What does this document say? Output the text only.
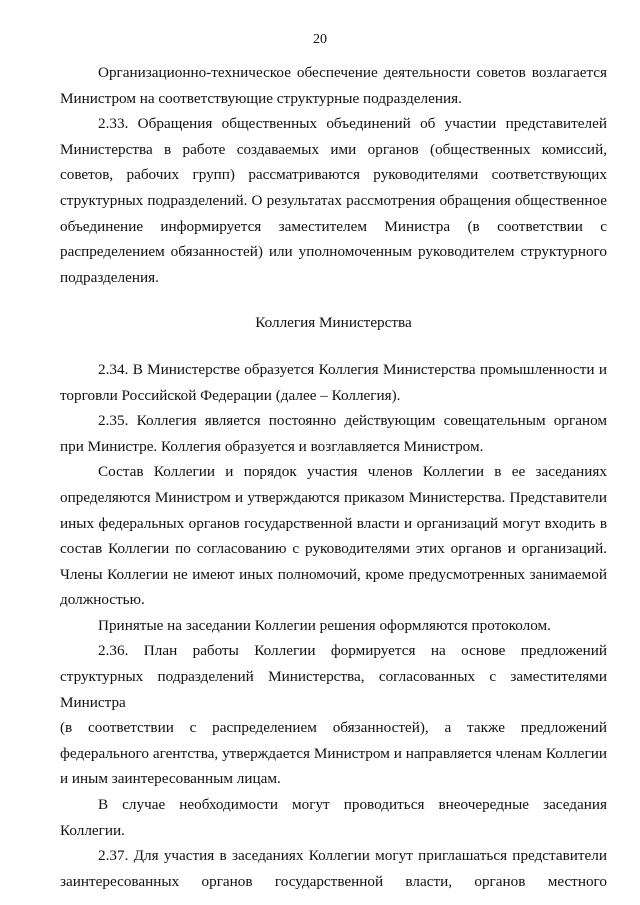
20

Организационно-техническое обеспечение деятельности советов возлагается Министром на соответствующие структурные подразделения.

2.33. Обращения общественных объединений об участии представителей Министерства в работе создаваемых ими органов (общественных комиссий, советов, рабочих групп) рассматриваются руководителями соответствующих структурных подразделений. О результатах рассмотрения обращения общественное объединение информируется заместителем Министра (в соответствии с распределением обязанностей) или уполномоченным руководителем структурного подразделения.

Коллегия Министерства

2.34. В Министерстве образуется Коллегия Министерства промышленности и торговли Российской Федерации (далее – Коллегия).

2.35. Коллегия является постоянно действующим совещательным органом при Министре. Коллегия образуется и возглавляется Министром.

Состав Коллегии и порядок участия членов Коллегии в ее заседаниях определяются Министром и утверждаются приказом Министерства. Представители иных федеральных органов государственной власти и организаций могут входить в состав Коллегии по согласованию с руководителями этих органов и организаций. Члены Коллегии не имеют иных полномочий, кроме предусмотренных занимаемой должностью.

Принятые на заседании Коллегии решения оформляются протоколом.

2.36. План работы Коллегии формируется на основе предложений структурных подразделений Министерства, согласованных с заместителями Министра

(в соответствии с распределением обязанностей), а также предложений федерального агентства, утверждается Министром и направляется членам Коллегии и иным заинтересованным лицам.

В случае необходимости могут проводиться внеочередные заседания Коллегии.

2.37. Для участия в заседаниях Коллегии могут приглашаться представители заинтересованных органов государственной власти, органов местного
